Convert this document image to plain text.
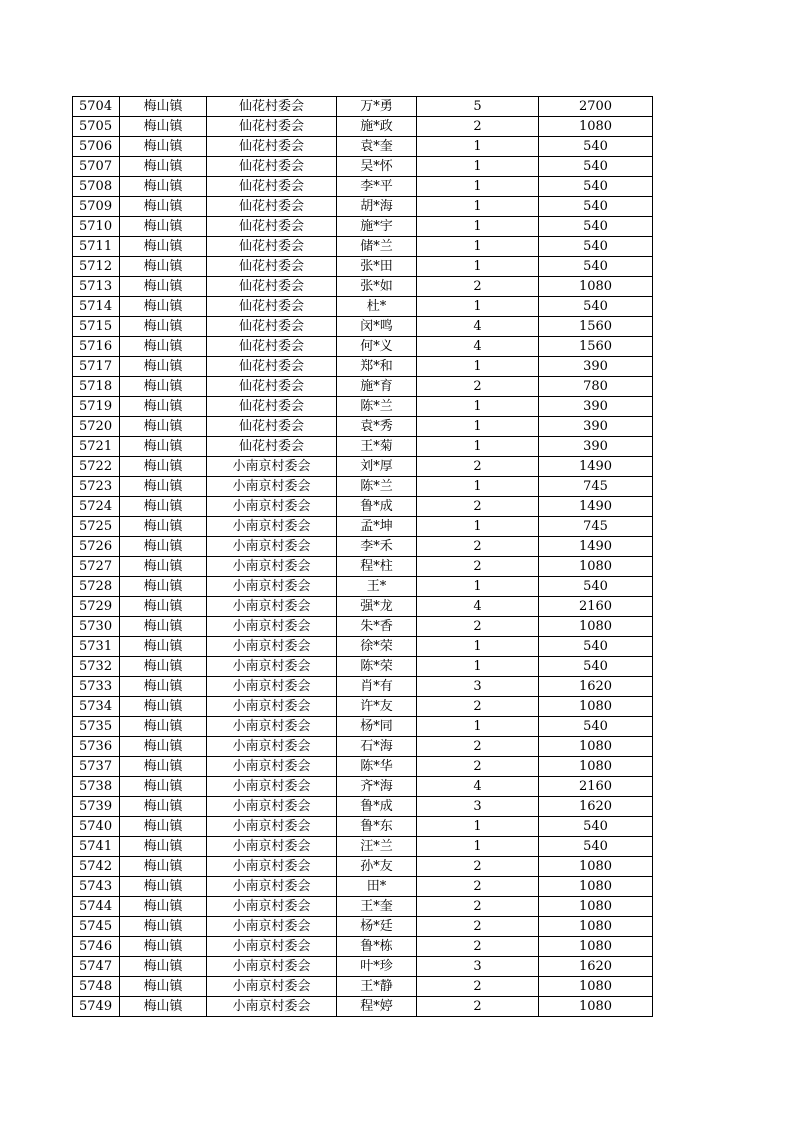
5704	梅山镇	仙花村委会	万*勇	5	2700
5705	梅山镇	仙花村委会	施*政	2	1080
5706	梅山镇	仙花村委会	袁*奎	1	540
5707	梅山镇	仙花村委会	吴*怀	1	540
5708	梅山镇	仙花村委会	李*平	1	540
5709	梅山镇	仙花村委会	胡*海	1	540
5710	梅山镇	仙花村委会	施*宇	1	540
5711	梅山镇	仙花村委会	储*兰	1	540
5712	梅山镇	仙花村委会	张*田	1	540
5713	梅山镇	仙花村委会	张*如	2	1080
5714	梅山镇	仙花村委会	杜*	1	540
5715	梅山镇	仙花村委会	闵*鸣	4	1560
5716	梅山镇	仙花村委会	何*义	4	1560
5717	梅山镇	仙花村委会	郑*和	1	390
5718	梅山镇	仙花村委会	施*育	2	780
5719	梅山镇	仙花村委会	陈*兰	1	390
5720	梅山镇	仙花村委会	袁*秀	1	390
5721	梅山镇	仙花村委会	王*菊	1	390
5722	梅山镇	小南京村委会	刘*厚	2	1490
5723	梅山镇	小南京村委会	陈*兰	1	745
5724	梅山镇	小南京村委会	鲁*成	2	1490
5725	梅山镇	小南京村委会	孟*坤	1	745
5726	梅山镇	小南京村委会	李*禾	2	1490
5727	梅山镇	小南京村委会	程*柱	2	1080
5728	梅山镇	小南京村委会	王*	1	540
5729	梅山镇	小南京村委会	强*龙	4	2160
5730	梅山镇	小南京村委会	朱*香	2	1080
5731	梅山镇	小南京村委会	徐*荣	1	540
5732	梅山镇	小南京村委会	陈*荣	1	540
5733	梅山镇	小南京村委会	肖*有	3	1620
5734	梅山镇	小南京村委会	许*友	2	1080
5735	梅山镇	小南京村委会	杨*同	1	540
5736	梅山镇	小南京村委会	石*海	2	1080
5737	梅山镇	小南京村委会	陈*华	2	1080
5738	梅山镇	小南京村委会	齐*海	4	2160
5739	梅山镇	小南京村委会	鲁*成	3	1620
5740	梅山镇	小南京村委会	鲁*东	1	540
5741	梅山镇	小南京村委会	汪*兰	1	540
5742	梅山镇	小南京村委会	孙*友	2	1080
5743	梅山镇	小南京村委会	田*	2	1080
5744	梅山镇	小南京村委会	王*奎	2	1080
5745	梅山镇	小南京村委会	杨*廷	2	1080
5746	梅山镇	小南京村委会	鲁*栋	2	1080
5747	梅山镇	小南京村委会	叶*珍	3	1620
5748	梅山镇	小南京村委会	王*静	2	1080
5749	梅山镇	小南京村委会	程*婷	2	1080
